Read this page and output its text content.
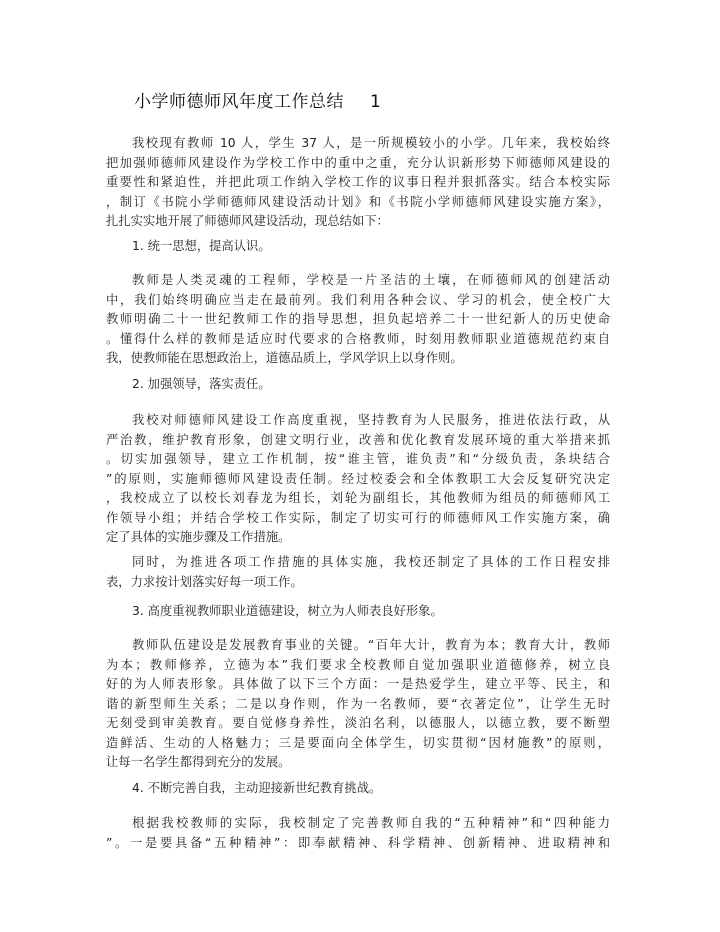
小学师德师风年度工作总结 1
我校现有教师 10 人，学生 37 人，是一所规模较小的小学。几年来，我校始终
把加强师德师风建设作为学校工作中的重中之重，充分认识新形势下师德师风建设的
重要性和紧迫性，并把此项工作纳入学校工作的议事日程并狠抓落实。结合本校实际
，制订《书院小学师德师风建设活动计划》和《书院小学师德师风建设实施方案》，
扎扎实实地开展了师德师风建设活动，现总结如下：
1. 统一思想，提高认识。
教师是人类灵魂的工程师，学校是一片圣洁的土壤，在师德师风的创建活动
中，我们始终明确应当走在最前列。我们利用各种会议、学习的机会，使全校广大
教师明确二十一世纪教师工作的指导思想，担负起培养二十一世纪新人的历史使命
。懂得什么样的教师是适应时代要求的合格教师，时刻用教师职业道德规范约束自
我，使教师能在思想政治上，道德品质上，学风学识上以身作则。
2. 加强领导，落实责任。
我校对师德师风建设工作高度重视，坚持教育为人民服务，推进依法行政，从
严治教，维护教育形象，创建文明行业，改善和优化教育发展环境的重大举措来抓
。切实加强领导，建立工作机制，按“谁主管，谁负责”和“分级负责，条块结合
”的原则，实施师德师风建设责任制。经过校委会和全体教职工大会反复研究决定
，我校成立了以校长刘春龙为组长，刘轮为副组长，其他教师为组员的师德师风工
作领导小组；并结合学校工作实际，制定了切实可行的师德师风工作实施方案，确
定了具体的实施步骤及工作措施。
同时，为推进各项工作措施的具体实施，我校还制定了具体的工作日程安排
表，力求按计划落实好每一项工作。
3. 高度重视教师职业道德建设，树立为人师表良好形象。
教师队伍建设是发展教育事业的关键。“百年大计，教育为本；教育大计，教师
为本；教师修养，立德为本”我们要求全校教师自觉加强职业道德修养，树立良
好的为人师表形象。具体做了以下三个方面：一是热爱学生，建立平等、民主，和
谐的新型师生关系；二是以身作则，作为一名教师，要“衣著定位”，让学生无时
无刻受到审美教育。要自觉修身养性，淡泊名利，以德服人，以德立教，要不断塑
造鲜活、生动的人格魅力；三是要面向全体学生，切实贯彻“因材施教”的原则，
让每一名学生都得到充分的发展。
4. 不断完善自我，主动迎接新世纪教育挑战。
根据我校教师的实际，我校制定了完善教师自我的“五种精神”和“四种能力
”。一是要具备“五种精神”：即奉献精神、科学精神、创新精神、进取精神和
